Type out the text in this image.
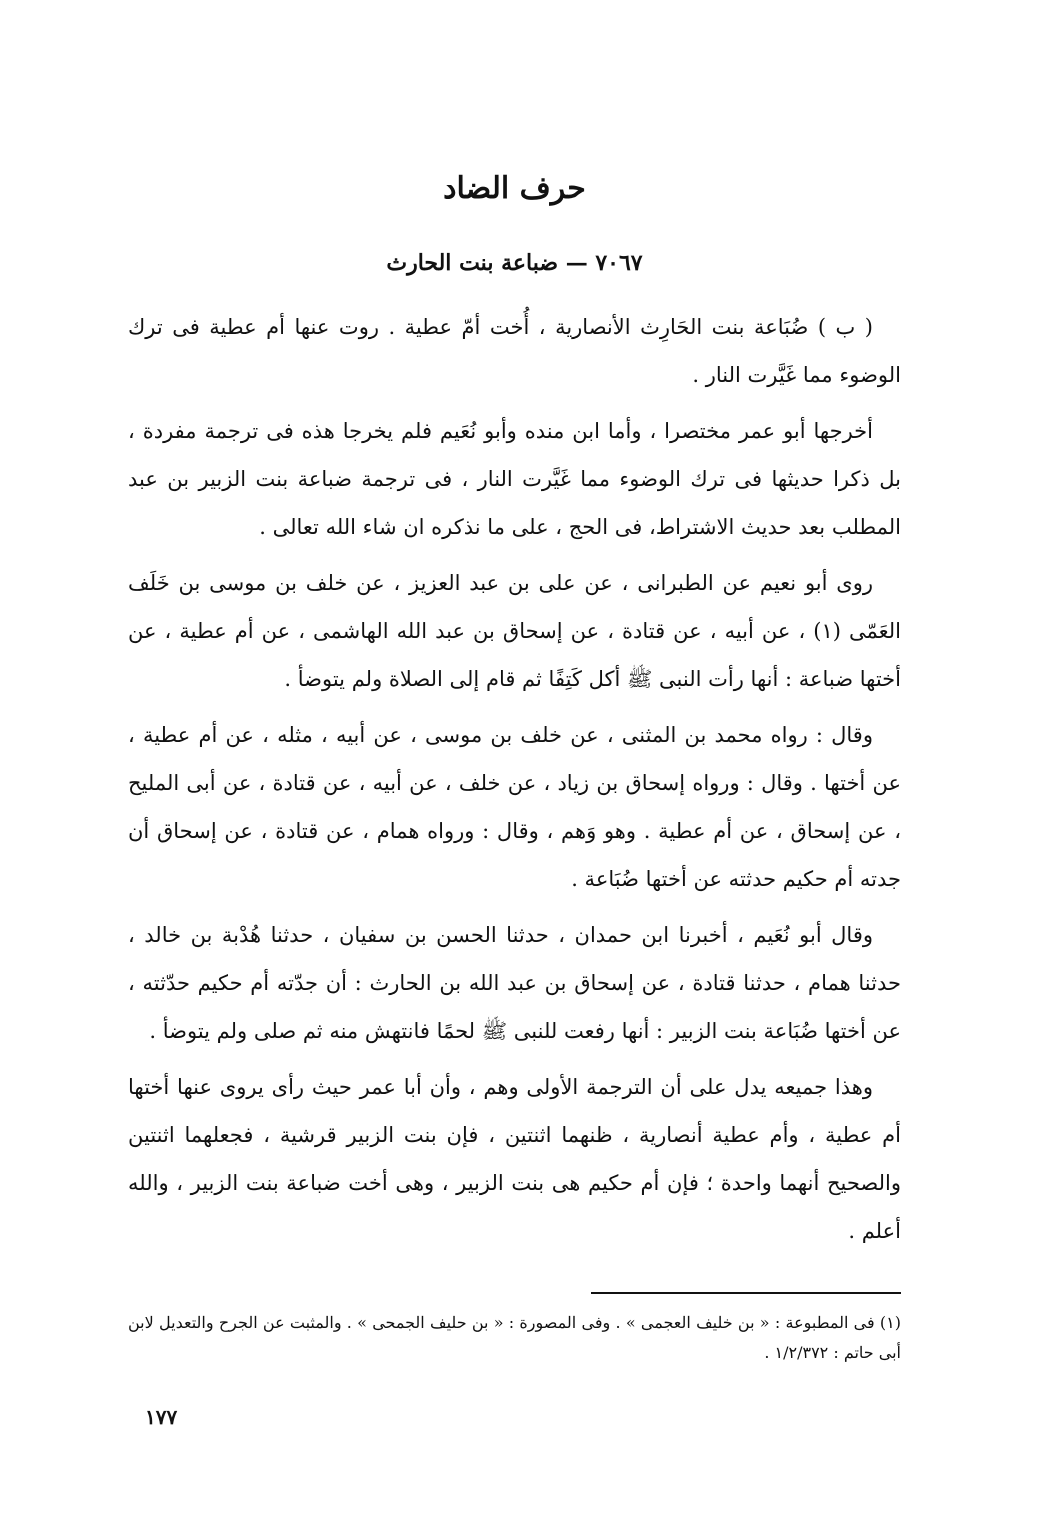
حرف الضاد
٧٠٦٧ — ضباعة بنت الحارث

( ب ) ضُبَاعة بنت الحَارِث الأنصارية ، أُخت أمّ عطية . روت عنها أم عطية فى ترك الوضوء مما غَيَّرت النار .

أخرجها أبو عمر مختصرا ، وأما ابن منده وأبو نُعَيم فلم يخرجا هذه فى ترجمة مفردة ، بل ذكرا حديثها فى ترك الوضوء مما غَيَّرت النار ، فى ترجمة ضباعة بنت الزبير بن عبد المطلب بعد حديث الاشتراط، فى الحج ، على ما نذكره ان شاء الله تعالى .

روى أبو نعيم عن الطبرانى ، عن على بن عبد العزيز ، عن خلف بن موسى بن خَلَف العَمّى (١) ، عن أبيه ، عن قتادة ، عن إسحاق بن عبد الله الهاشمى ، عن أم عطية ، عن أختها ضباعة : أنها رأت النبى ﷺ أكل كَتِفًا ثم قام إلى الصلاة ولم يتوضأ .

وقال : رواه محمد بن المثنى ، عن خلف بن موسى ، عن أبيه ، مثله ، عن أم عطية ، عن أختها . وقال : ورواه إسحاق بن زياد ، عن خلف ، عن أبيه ، عن قتادة ، عن أبى المليح ، عن إسحاق ، عن أم عطية . وهو وَهم ، وقال : ورواه همام ، عن قتادة ، عن إسحاق أن جدته أم حكيم حدثته عن أختها ضُبَاعة .

وقال أبو نُعَيم ، أخبرنا ابن حمدان ، حدثنا الحسن بن سفيان ، حدثنا هُدْبة بن خالد ، حدثنا همام ، حدثنا قتادة ، عن إسحاق بن عبد الله بن الحارث : أن جدّته أم حكيم حدّثته ، عن أختها ضُبَاعة بنت الزبير : أنها رفعت للنبى ﷺ لحمًا فانتهش منه ثم صلى ولم يتوضأ .

وهذا جميعه يدل على أن الترجمة الأولى وهم ، وأن أبا عمر حيث رأى يروى عنها أختها أم عطية ، وأم عطية أنصارية ، ظنهما اثنتين ، فإن بنت الزبير قرشية ، فجعلهما اثنتين والصحيح أنهما واحدة ؛ فإن أم حكيم هى بنت الزبير ، وهى أخت ضباعة بنت الزبير ، والله أعلم .

(١) فى المطبوعة : « بن خليف العجمى » . وفى المصورة : « بن حليف الجمحى » . والمثبت عن الجرح والتعديل لابن أبى حاتم : ١/٢/٣٧٢ .
١٧٧
